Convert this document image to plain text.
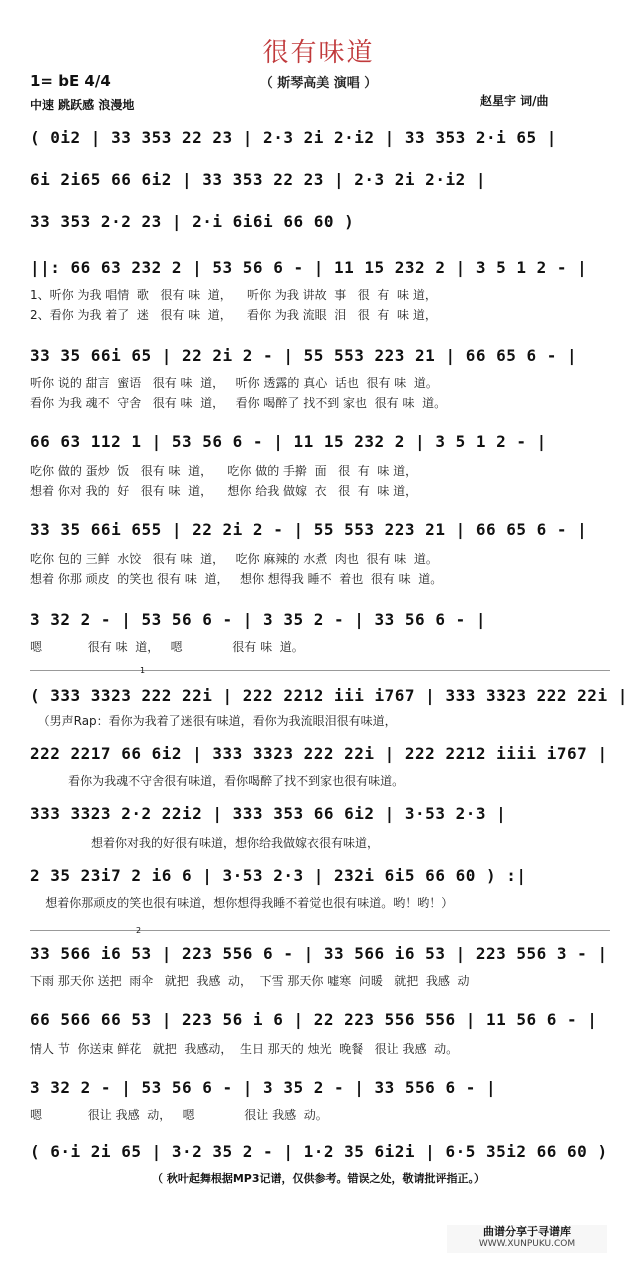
很有味道
（ 斯琴高美 演唱 ）
1= bE 4/4
中速 跳跃感 浪漫地	赵星宇 词/曲
( 0i2 | 33 353 22 23 | 2·3 2i 2·i2 | 33 353 2·i 65 |
6i 2i65 66 6i2 | 33 353 22 23 | 2·3 2i 2·i2 |
33 353 2·2 23 | 2·i 6i6i 66 60 )
||: 66 63 232 2 | 53 56 6 - | 11 15 232 2 | 3 5 1 2 - |
1、听你 为我 唱情  歌   很有 味  道，    听你 为我 讲故  事   很  有  味 道，
2、看你 为我 着了  迷   很有 味  道，    看你 为我 流眼  泪   很  有  味 道，
33 35 66i 65 | 22 2i 2 - | 55 553 223 21 | 66 65 6 - |
听你 说的 甜言  蜜语   很有 味  道，   听你 透露的 真心  话也  很有 味  道。
看你 为我 魂不  守舍   很有 味  道，   看你 喝醉了 找不到 家也  很有 味  道。
66 63 112 1 | 53 56 6 - | 11 15 232 2 | 3 5 1 2 - |
吃你 做的 蛋炒  饭   很有 味  道，    吃你 做的 手擀  面   很  有  味 道，
想着 你对 我的  好   很有 味  道，    想你 给我 做嫁  衣   很  有  味 道，
33 35 66i 655 | 22 2i 2 - | 55 553 223 21 | 66 65 6 - |
吃你 包的 三鲜  水饺   很有 味  道，   吃你 麻辣的 水煮  肉也  很有 味  道。
想着 你那 顽皮  的笑也 很有 味  道，   想你 想得我 睡不  着也  很有 味  道。
3 32 2 - | 53 56 6 - | 3 35 2 - | 33 56 6 - |
嗯            很有 味  道，   嗯             很有 味  道。
1
( 333 3323 222 22i | 222 2212 iii i767 | 333 3323 222 22i |
（男声Rap：看你为我着了迷很有味道，看你为我流眼泪很有味道，
222 2217 66 6i2 | 333 3323 222 22i | 222 2212 iiii i767 |
看你为我魂不守舍很有味道，看你喝醉了找不到家也很有味道。
333 3323 2·2 22i2 | 333 353 66 6i2 | 3·53 2·3 |
想着你对我的好很有味道，想你给我做嫁衣很有味道，
2 35 23i7 2 i6 6 | 3·53 2·3 | 232i 6i5 66 60 ) :|
想着你那顽皮的笑也很有味道，想你想得我睡不着觉也很有味道。哟！哟！）
2
33 566 i6 53 | 223 556 6 - | 33 566 i6 53 | 223 556 3 - |
下雨 那天你 送把  雨伞   就把  我感  动，  下雪 那天你 嘘寒  问暖   就把  我感  动
66 566 66 53 | 223 56 i 6 | 22 223 556 556 | 11 56 6 - |
情人 节  你送束 鲜花   就把  我感动，  生日 那天的 烛光  晚餐   很让 我感  动。
3 32 2 - | 53 56 6 - | 3 35 2 - | 33 556 6 - |
嗯            很让 我感  动，   嗯             很让 我感  动。
( 6·i 2i 65 | 3·2 35 2 - | 1·2 35 6i2i | 6·5 35i2 66 60 )
（ 秋叶起舞根据MP3记谱，仅供参考。错误之处，敬请批评指正。）
曲谱分享于寻谱库
WWW.XUNPUKU.COM
